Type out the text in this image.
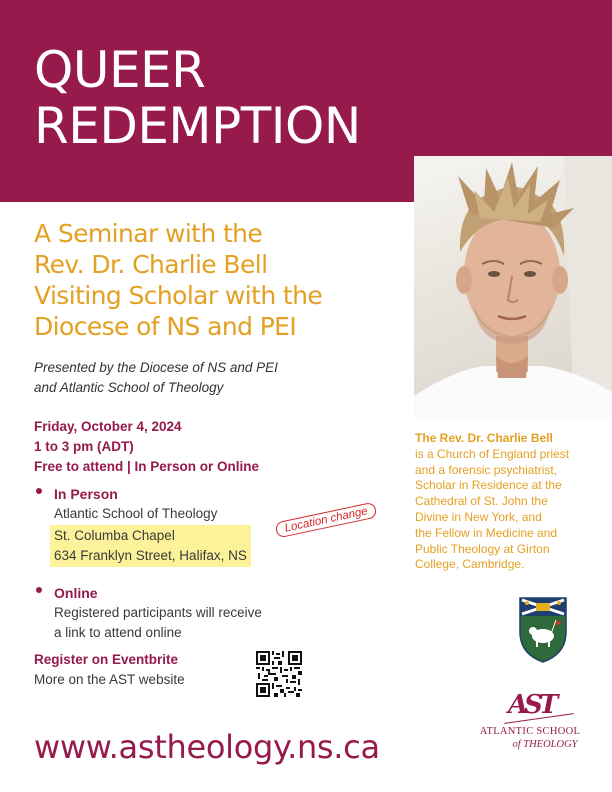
QUEER
REDEMPTION
A Seminar with the
Rev. Dr. Charlie Bell
Visiting Scholar with the
Diocese of NS and PEI
Presented by the Diocese of NS and PEI
and Atlantic School of Theology
Friday, October 4, 2024
1 to 3 pm (ADT)
Free to attend | In Person or Online
In Person
Atlantic School of Theology
St. Columba Chapel
634 Franklyn Street, Halifax, NS
Online
Registered participants will receive
a link to attend online
Location change
Register on Eventbrite
More on the AST website
www.astheology.ns.ca
The Rev. Dr. Charlie Bell
is a Church of England priest
and a forensic psychiatrist,
Scholar in Residence at the
Cathedral of St. John the
Divine in New York, and
the Fellow in Medicine and
Public Theology at Girton
College, Cambridge.
AST
ATLANTIC SCHOOL
of THEOLOGY
